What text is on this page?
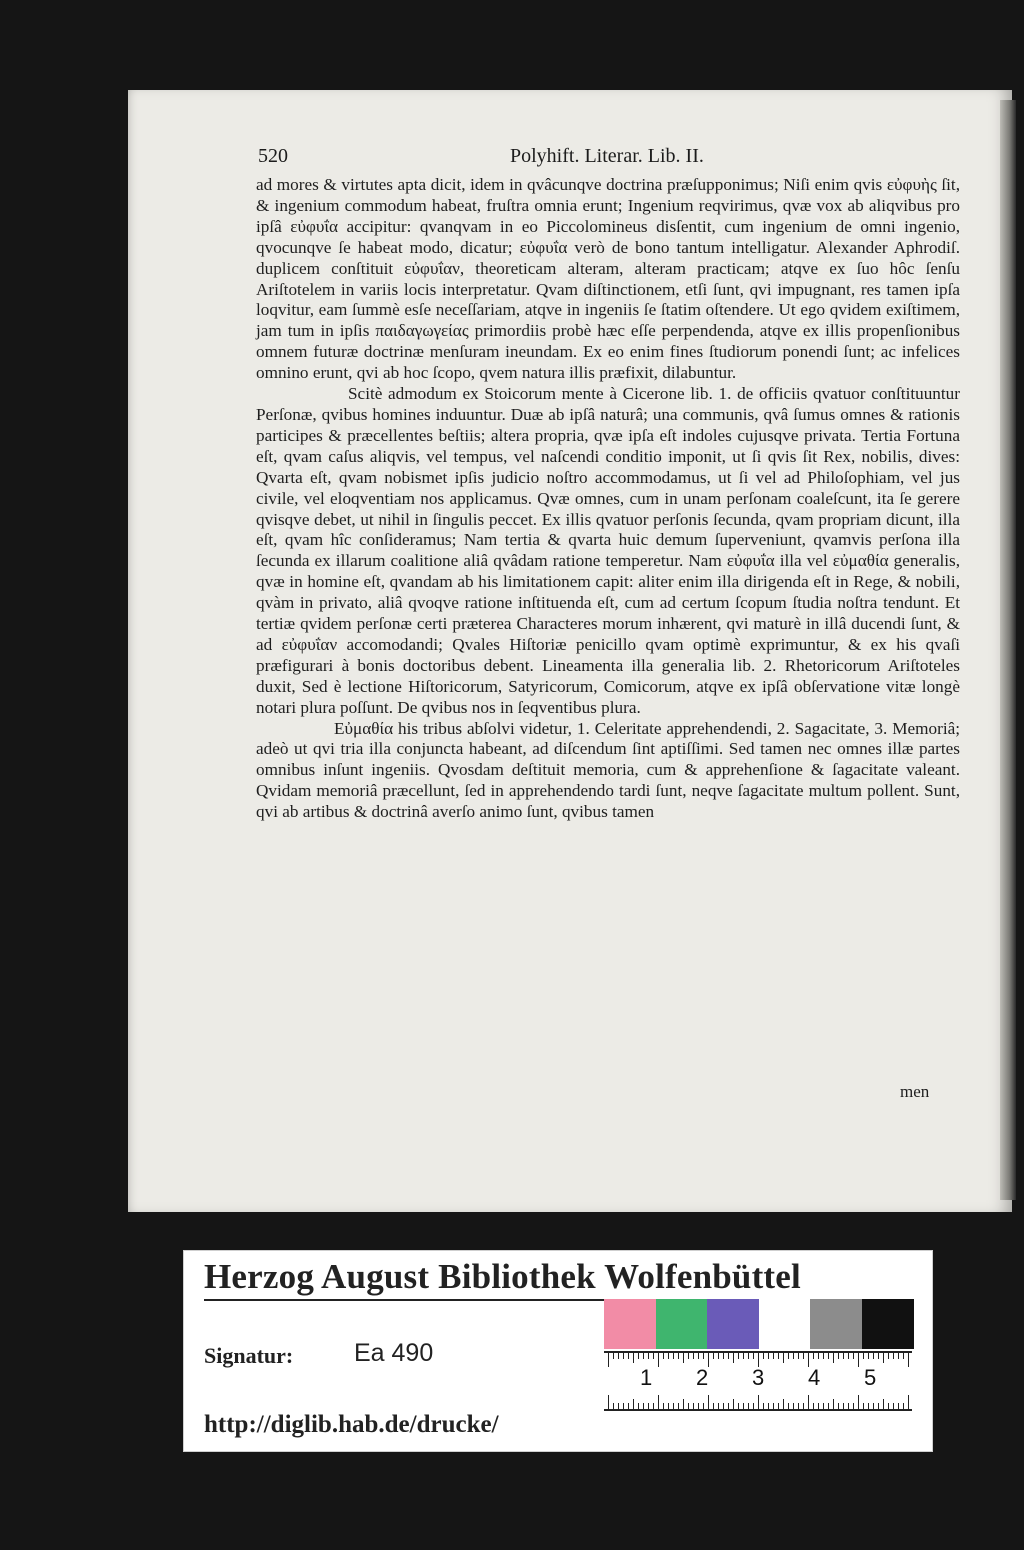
520	Polyhift. Literar. Lib. II.

ad mores & virtutes apta dicit, idem in qvâcunqve doctrina præſupponimus; Niſi enim qvis εὐφυὴς ſit, & ingenium commodum habeat, fruſtra omnia erunt; Ingenium reqvirimus, qvæ vox ab aliqvibus pro ipſâ εὐφυΐα accipitur: qvanqvam in eo Piccolomineus disſentit, cum ingenium de omni ingenio, qvocunqve ſe habeat modo, dicatur; εὐφυΐα verò de bono tantum intelligatur. Alexander Aphrodiſ. duplicem conſtituit εὐφυΐαν, theoreticam alteram, alteram practicam; atqve ex ſuo hôc ſenſu Ariſtotelem in variis locis interpretatur. Qvam diſtinctionem, etſi ſunt, qvi impugnant, res tamen ipſa loqvitur, eam ſummè esſe neceſſariam, atqve in ingeniis ſe ſtatim oſtendere. Ut ego qvidem exiſtimem, jam tum in ipſis παιδαγωγείας primordiis probè hæc eſſe perpendenda, atqve ex illis propenſionibus omnem futuræ doctrinæ menſuram ineundam. Ex eo enim fines ſtudiorum ponendi ſunt; ac infelices omnino erunt, qvi ab hoc ſcopo, qvem natura illis præfixit, dilabuntur.

Scitè admodum ex Stoicorum mente à Cicerone lib. 1. de officiis qvatuor conſtituuntur Perſonæ, qvibus homines induuntur. Duæ ab ipſâ naturâ; una communis, qvâ ſumus omnes & rationis participes & præcellentes beſtiis; altera propria, qvæ ipſa eſt indoles cujusqve privata. Tertia Fortuna eſt, qvam caſus aliqvis, vel tempus, vel naſcendi conditio imponit, ut ſi qvis ſit Rex, nobilis, dives: Qvarta eſt, qvam nobismet ipſis judicio noſtro accommodamus, ut ſi vel ad Philoſophiam, vel jus civile, vel eloqventiam nos applicamus. Qvæ omnes, cum in unam perſonam coaleſcunt, ita ſe gerere qvisqve debet, ut nihil in ſingulis peccet. Ex illis qvatuor perſonis ſecunda, qvam propriam dicunt, illa eſt, qvam hîc conſideramus; Nam tertia & qvarta huic demum ſuperveniunt, qvamvis perſona illa ſecunda ex illarum coalitione aliâ qvâdam ratione temperetur. Nam εὐφυΐα illa vel εὐμαθία generalis, qvæ in homine eſt, qvandam ab his limitationem capit: aliter enim illa dirigenda eſt in Rege, & nobili, qvàm in privato, aliâ qvoqve ratione inſtituenda eſt, cum ad certum ſcopum ſtudia noſtra tendunt. Et tertiæ qvidem perſonæ certi præterea Characteres morum inhærent, qvi maturè in illâ ducendi ſunt, & ad εὐφυΐαν accomodandi; Qvales Hiſtoriæ penicillo qvam optimè exprimuntur, & ex his qvaſi præfigurari à bonis doctoribus debent. Lineamenta illa generalia lib. 2. Rhetoricorum Ariſtoteles duxit, Sed è lectione Hiſtoricorum, Satyricorum, Comicorum, atqve ex ipſâ obſervatione vitæ longè notari plura poſſunt. De qvibus nos in ſeqventibus plura.

Εὐμαθία his tribus abſolvi videtur, 1. Celeritate apprehendendi, 2. Sagacitate, 3. Memoriâ; adeò ut qvi tria illa conjuncta habeant, ad diſcendum ſint aptiſſimi. Sed tamen nec omnes illæ partes omnibus inſunt ingeniis. Qvosdam deſtituit memoria, cum & apprehenſione & ſagacitate valeant. Qvidam memoriâ præcellunt, ſed in apprehendendo tardi ſunt, neqve ſagacitate multum pollent. Sunt, qvi ab artibus & doctrinâ averſo animo ſunt, qvibus tamen

men
Herzog August Bibliothek Wolfenbüttel
Signatur: Ea 490
http://diglib.hab.de/drucke/
1 2 3 4 5
